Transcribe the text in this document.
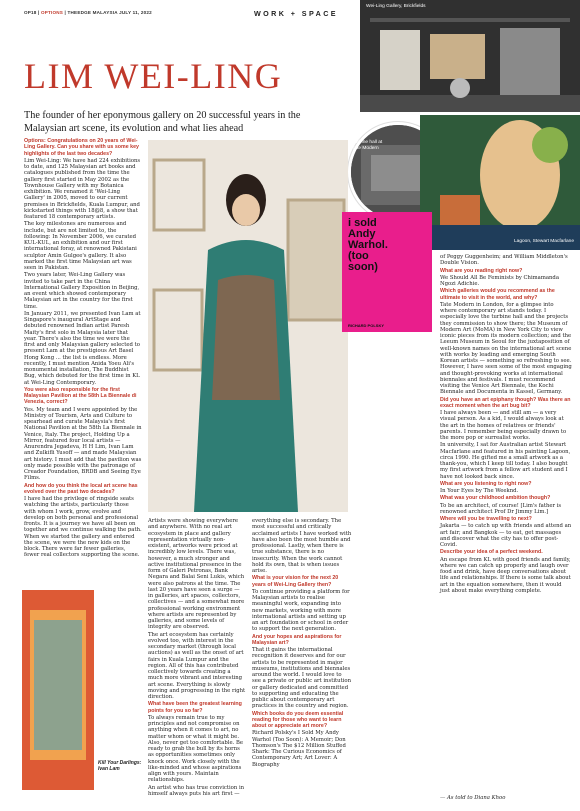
OP18 | OPTIONS | THEEDGE MALAYSIA JULY 11, 2022	WORK + SPACE
Wei-Ling Gallery, Brickfields
LIM WEI-LING
The founder of her eponymous gallery on 20 successful years in the Malaysian art scene, its evolution and what lies ahead
Turbine hall at Tate Modern
Lagoon, Stewart Macfarlane
i sold
Andy
Warhol.
(too
soon)
RICHARD POLSKY
Kill Your Darlings: Ivan Lam

Options: Congratulations on 20 years of Wei-Ling Gallery. Can you share with us some key highlights of the last two decades?

Lim Wei-Ling: We have had 224 exhibitions to date, and 125 Malaysian art books and catalogues published from the time the gallery first started in May 2002 as the Townhouse Gallery with my Botanica exhibition. We renamed it 'Wei-Ling Gallery' in 2005, moved to our current premises in Brickfields, Kuala Lumpur, and kickstarted things with 18@8, a show that featured 18 contemporary artists.

The key milestones are numerous and include, but are not limited to, the following: In November 2006, we curated KUL-KUL, an exhibition and our first international foray, at renowned Pakistani sculptor Amin Gulgee's gallery. It also marked the first time Malaysian art was seen in Pakistan.

Two years later, Wei-Ling Gallery was invited to take part in the China International Gallery Exposition in Beijing, an event which showed contemporary Malaysian art in the country for the first time.

In January 2011, we presented Ivan Lam at Singapore's inaugural ArtStage and debuted renowned Indian artist Paresh Maity's first solo in Malaysia later that year. There's also the time we were the first and only Malaysian gallery selected to present Lam at the prestigious Art Basel Hong Kong ... the list is endless. More recently, I must mention Anida Yoeu Ali's monumental installation, The Buddhist Bug, which debuted for the first time in KL at Wei-Ling Contemporary.

You were also responsible for the first Malaysian Pavilion at the 58th La Biennale di Venezia, correct?

Yes. My team and I were appointed by the Ministry of Tourism, Arts and Culture to spearhead and curate Malaysia's first National Pavilion at the 58th La Biennale in Venice, Italy. The project, Holding Up a Mirror, featured four local artists — Anurendra Jegadeva, H H Lim, Ivan Lam and Zulkifli Yusoff — and made Malaysian art history. I must add that the pavilion was only made possible with the patronage of Creador Foundation, BRDB and Seeing Eye Films.

And how do you think the local art scene has evolved over the past two decades?

I have had the privilege of ringside seats watching the artists, particularly those with whom I work, grow, evolve and develop on both personal and professional fronts. It is a journey we have all been on together and we continue walking the path. When we started the gallery and entered the scene, we were the new kids on the block. There were far fewer galleries, fewer real collectors supporting the scene.

Artists were showing everywhere and anywhere. With no real art ecosystem in place and gallery representation virtually non-existent, artworks were priced at incredibly low levels. There was, however, a much stronger and active institutional presence in the form of Galeri Petronas, Bank Negara and Balai Seni Lukis, which were also patrons at the time. The last 20 years have seen a surge — in galleries, art spaces, collectors, collectives — and a somewhat more professional working environment where artists are represented by galleries, and some levels of integrity are observed.

The art ecosystem has certainly evolved too, with interest in the secondary market (through local auctions) as well as the onset of art fairs in Kuala Lumpur and the region. All of this has contributed collectively towards creating a much more vibrant and interesting art scene. Everything is slowly moving and progressing in the right direction.

What have been the greatest learning points for you so far?

To always remain true to my principles and not compromise on anything when it comes to art, no matter whom or what it might be. Also, never get too comfortable. Be ready to grab the bull by its horns as opportunities sometimes only knock once. Work closely with the like-minded and whose aspirations align with yours. Maintain relationships.

An artist who has true conviction in himself always puts his art first —

everything else is secondary. The most successful and critically acclaimed artists I have worked with have also been the most humble and professional. Lastly, when there is true substance, there is no insecurity. When the work cannot hold its own, that is when issues arise.

What is your vision for the next 20 years of Wei-Ling Gallery then?

To continue providing a platform for Malaysian artists to realise meaningful work, expanding into new markets, working with more international artists and setting up an art foundation or school in order to support the next generation.

And your hopes and aspirations for Malaysian art?

That it gains the international recognition it deserves and for our artists to be represented in major museums, institutions and biennales around the world. I would love to see a private or public art institution or gallery dedicated and committed to supporting and educating the public about contemporary art practices in the country and region.

Which books do you deem essential reading for those who want to learn about or appreciate art more?

Richard Polsky's I Sold My Andy Warhol (Too Soon): A Memoir; Don Thomson's The $12 Million Stuffed Shark: The Curious Economics of Contemporary Art; Art Lover: A Biography

of Peggy Guggenheim; and William Middleton's Double Vision.

What are you reading right now?

We Should All Be Feminists by Chimamanda Ngozi Adichie.

Which galleries would you recommend as the ultimate to visit in the world, and why?

Tate Modern in London, for a glimpse into where contemporary art stands today. I especially love the turbine hall and the projects they commission to show there; the Museum of Modern Art (MoMA) in New York City to view iconic pieces from its modern collection; and the Leeum Museum in Seoul for the juxtaposition of well-known names on the international art scene with works by leading and emerging South Korean artists — something so refreshing to see. However, I have seen some of the most engaging and thought-provoking works at international biennales and festivals. I must recommend visiting the Venice Art Biennale, the Kochi Biennale and Documenta in Kassel, Germany.

Did you have an art epiphany though? Was there an exact moment when the art bug bit?

I have always been — and still am — a very visual person. As a kid, I would always look at the art in the homes of relatives or friends' parents. I remember being especially drawn to the more pop or surrealist works.

In university, I sat for Australian artist Stewart Macfarlane and featured in his painting Lagoon, circa 1990. He gifted me a small artwork as a thank-you, which I keep till today. I also bought my first artwork from a fellow art student and I have not looked back since.

What are you listening to right now?

In Your Eyes by The Weeknd.

What was your childhood ambition though?

To be an architect, of course! [Lim's father is renowned architect Prof Dr Jimmy Lim.]

Where will you be travelling to next?

Jakarta — to catch up with friends and attend an art fair; and Bangkok — to eat, get massages and discover what the city has to offer post-Covid.

Describe your idea of a perfect weekend.

An escape from KL with good friends and family, where we can catch up properly and laugh over food and drink, have deep conversations about life and relationships. If there is some talk about art in the equation somewhere, then it would just about make everything complete.

— As told to Diana Khoo
